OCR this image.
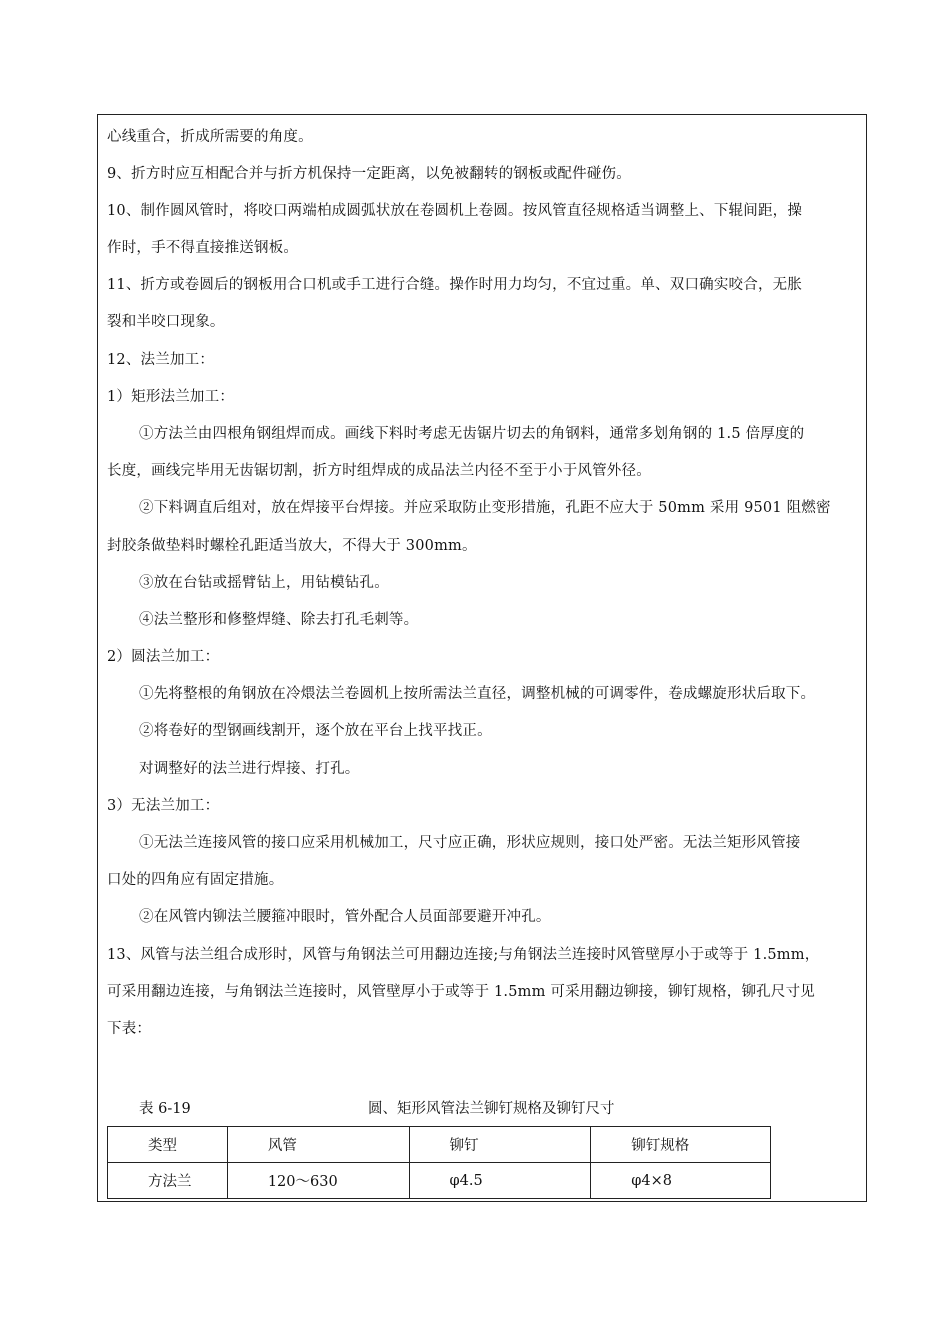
心线重合，折成所需要的角度。
9、折方时应互相配合并与折方机保持一定距离，以免被翻转的钢板或配件碰伤。
10、制作圆风管时，将咬口两端柏成圆弧状放在卷圆机上卷圆。按风管直径规格适当调整上、下辊间距，操
作时，手不得直接推送钢板。
11、折方或卷圆后的钢板用合口机或手工进行合缝。操作时用力均匀，不宜过重。单、双口确实咬合，无胀
裂和半咬口现象。
12、法兰加工：
1）矩形法兰加工：
①方法兰由四根角钢组焊而成。画线下料时考虑无齿锯片切去的角钢料，通常多划角钢的 1.5 倍厚度的
长度，画线完毕用无齿锯切割，折方时组焊成的成品法兰内径不至于小于风管外径。
②下料调直后组对，放在焊接平台焊接。并应采取防止变形措施，孔距不应大于 50mm 采用 9501 阻燃密
封胶条做垫料时螺栓孔距适当放大，不得大于 300mm。
③放在台钻或摇臂钻上，用钻模钻孔。
④法兰整形和修整焊缝、除去打孔毛刺等。
2）圆法兰加工：
①先将整根的角钢放在冷煨法兰卷圆机上按所需法兰直径，调整机械的可调零件，卷成螺旋形状后取下。
②将卷好的型钢画线割开，逐个放在平台上找平找正。
对调整好的法兰进行焊接、打孔。
3）无法兰加工：
①无法兰连接风管的接口应采用机械加工，尺寸应正确，形状应规则，接口处严密。无法兰矩形风管接
口处的四角应有固定措施。
②在风管内铆法兰腰箍冲眼时，管外配合人员面部要避开冲孔。
13、风管与法兰组合成形时，风管与角钢法兰可用翻边连接;与角钢法兰连接时风管壁厚小于或等于 1.5mm，
可采用翻边连接，与角钢法兰连接时，风管壁厚小于或等于 1.5mm 可采用翻边铆接，铆钉规格，铆孔尺寸见
下表：
表 6-19	圆、矩形风管法兰铆钉规格及铆钉尺寸
类型	风管	铆钉	铆钉规格
方法兰	120～630	φ4.5	φ4×8
